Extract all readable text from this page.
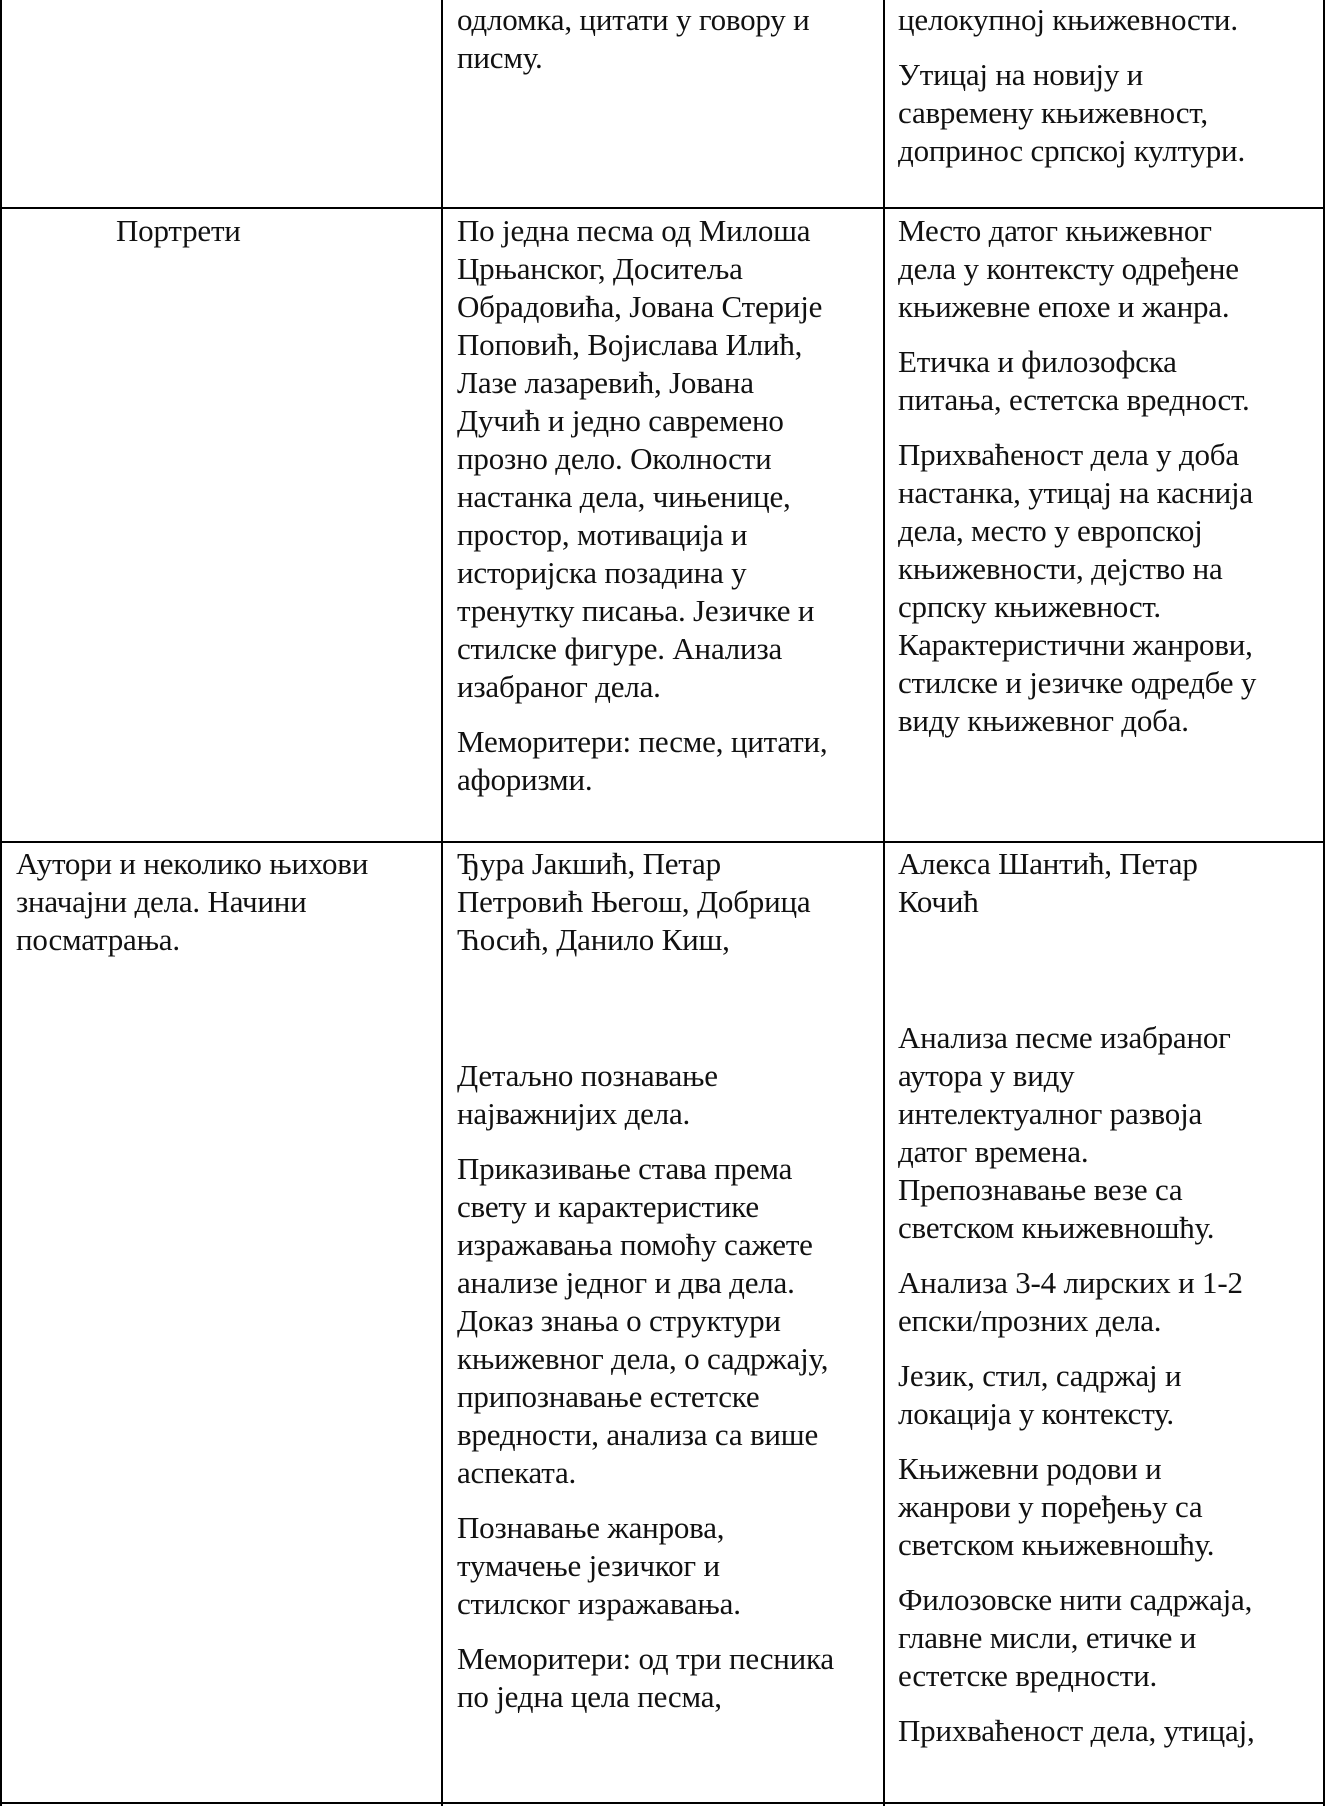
одломка, цитати у говору и
писму.

целокупној књижевности.

Утицај на новију и
савремену књижевност,
допринос српској култури.

Портрети	По једна песма од Милоша
Црњанског, Доситеља
Обрадовића, Јована Стерије
Поповић, Војислава Илић,
Лазе лазаревић, Јована
Дучић и једно савремено
прозно дело. Околности
настанка дела, чињенице,
простор, мотивација и
историјска позадина у
тренутку писања. Језичке и
стилске фигуре. Анализа
изабраног дела.

Меморитери: песме, цитати,
афоризми.

Место датог књижевног
дела у контексту одређене
књижевне епохе и жанра.

Етичка и филозофска
питања, естетска вредност.

Прихваћеност дела у доба
настанка, утицај на каснија
дела, место у европској
књижевности, дејство на
српску књижевност.
Карактеристични жанрови,
стилске и језичке одредбе у
виду књижевног доба.

Аутори и неколико њихови
значајни дела. Начини
посматрања.

Ђура Јакшић, Петар
Петровић Његош, Добрица
Ћосић, Данило Киш,

Детаљно познавање
најважнијих дела.

Приказивање става према
свету и карактеристике
изражавања помоћу сажете
анализе једног и два дела.
Доказ знања о структури
књижевног дела, о садржају,
припознавање естетске
вредности, анализа са више
аспеката.

Познавање жанрова,
тумачење језичког и
стилског изражавања.

Меморитери: од три песника
по једна цела песма,

Алекса Шантић, Петар
Кочић

Анализа песме изабраног
аутора у виду
интелектуалног развоја
датог времена.
Препознавање везе са
светском књижевношћу.

Анализа 3-4 лирских и 1-2
епски/прозних дела.

Језик, стил, садржај и
локација у контексту.

Књижевни родови и
жанрови у поређењу са
светском књижевношћу.

Филозовске нити садржаја,
главне мисли, етичке и
естетске вредности.

Прихваћеност дела, утицај,
